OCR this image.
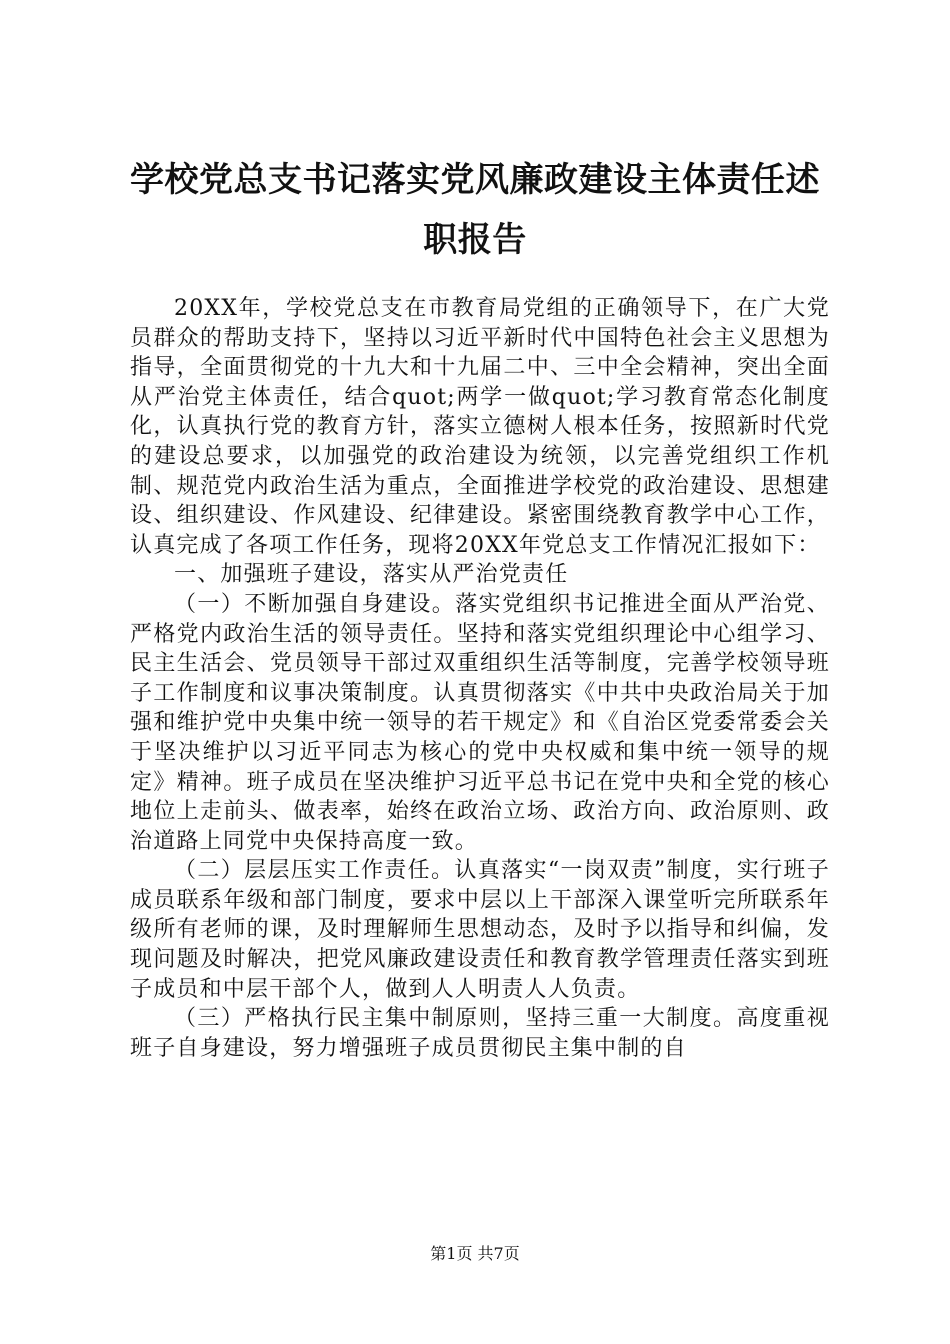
学校党总支书记落实党风廉政建设主体责任述职报告

20XX年，学校党总支在市教育局党组的正确领导下，在广大党员群众的帮助支持下，坚持以习近平新时代中国特色社会主义思想为指导，全面贯彻党的十九大和十九届二中、三中全会精神，突出全面从严治党主体责任，结合quot;两学一做quot;学习教育常态化制度化，认真执行党的教育方针，落实立德树人根本任务，按照新时代党的建设总要求，以加强党的政治建设为统领，以完善党组织工作机制、规范党内政治生活为重点，全面推进学校党的政治建设、思想建设、组织建设、作风建设、纪律建设。紧密围绕教育教学中心工作，认真完成了各项工作任务，现将20XX年党总支工作情况汇报如下：

一、加强班子建设，落实从严治党责任

（一）不断加强自身建设。落实党组织书记推进全面从严治党、严格党内政治生活的领导责任。坚持和落实党组织理论中心组学习、民主生活会、党员领导干部过双重组织生活等制度，完善学校领导班子工作制度和议事决策制度。认真贯彻落实《中共中央政治局关于加强和维护党中央集中统一领导的若干规定》和《自治区党委常委会关于坚决维护以习近平同志为核心的党中央权威和集中统一领导的规定》精神。班子成员在坚决维护习近平总书记在党中央和全党的核心地位上走前头、做表率，始终在政治立场、政治方向、政治原则、政治道路上同党中央保持高度一致。

（二）层层压实工作责任。认真落实“一岗双责”制度，实行班子成员联系年级和部门制度，要求中层以上干部深入课堂听完所联系年级所有老师的课，及时理解师生思想动态，及时予以指导和纠偏，发现问题及时解决，把党风廉政建设责任和教育教学管理责任落实到班子成员和中层干部个人，做到人人明责人人负责。

（三）严格执行民主集中制原则，坚持三重一大制度。高度重视班子自身建设，努力增强班子成员贯彻民主集中制的自

第1页 共7页
